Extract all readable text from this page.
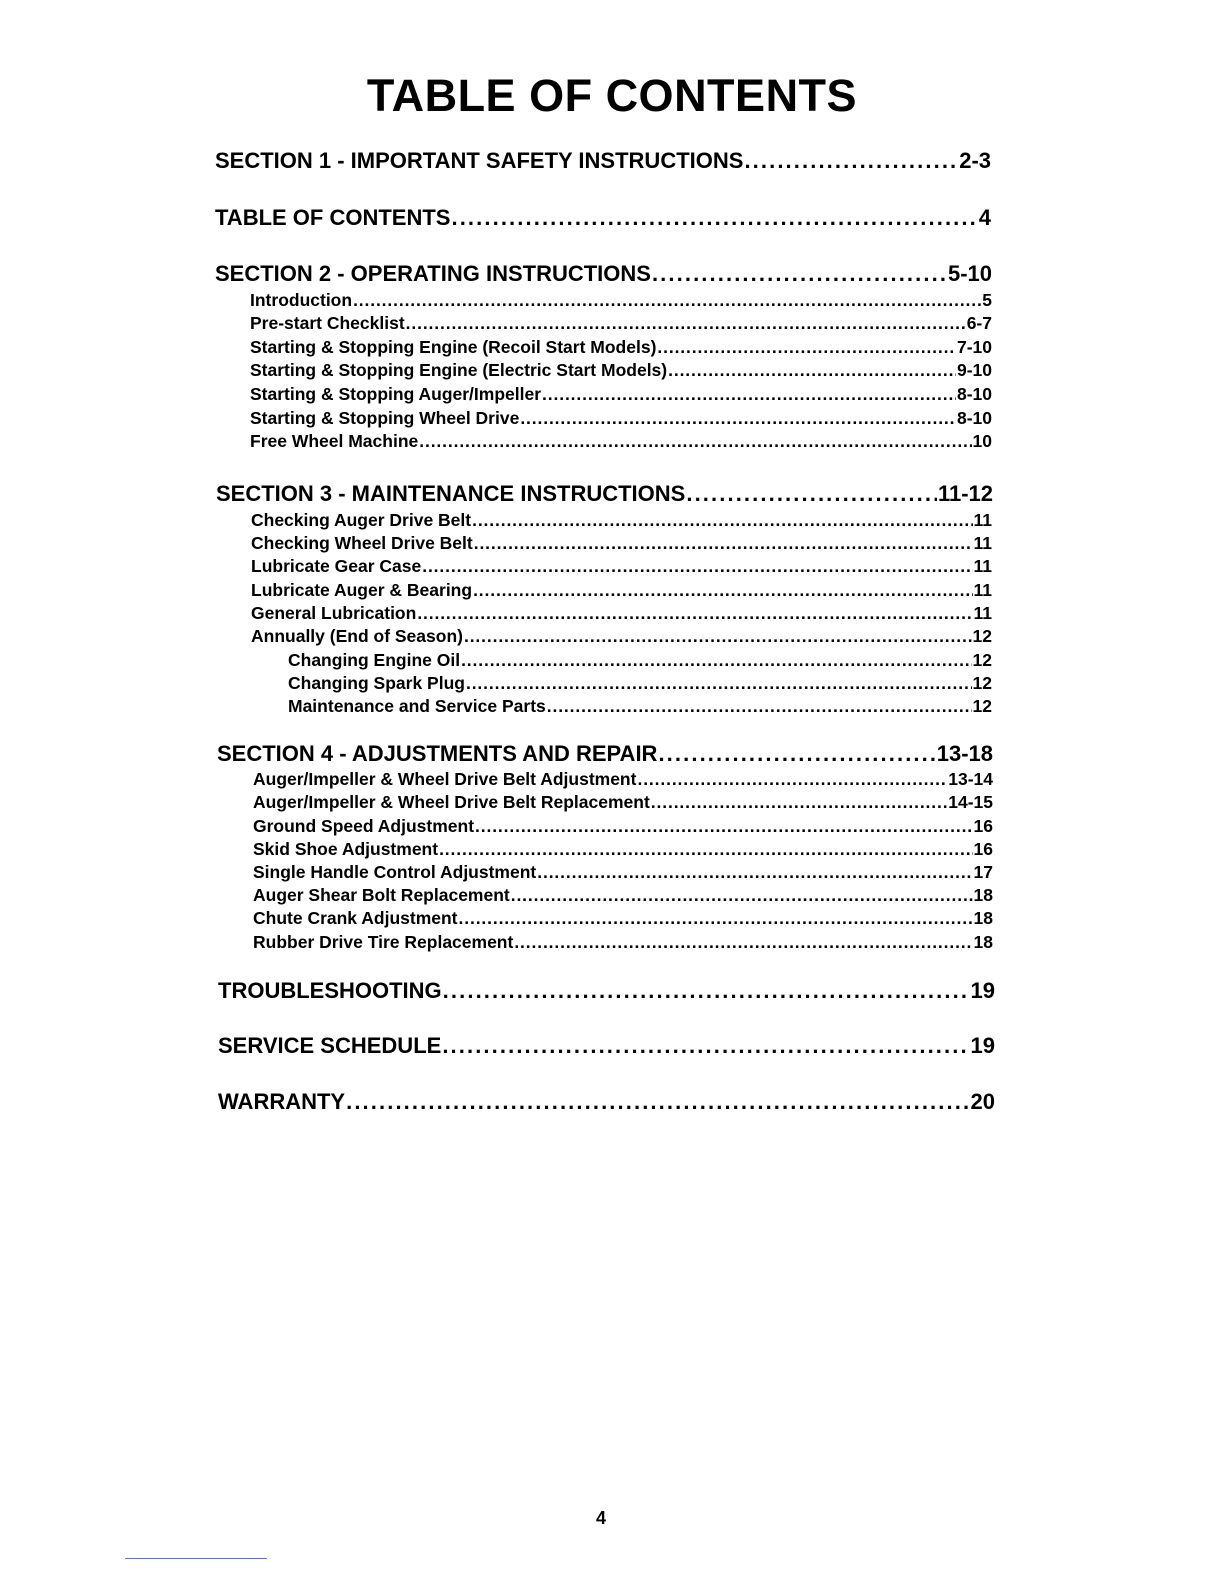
TABLE OF CONTENTS
SECTION 1 - IMPORTANT SAFETY INSTRUCTIONS . . .	2-3
TABLE OF CONTENTS . . .	4
SECTION 2 - OPERATING INSTRUCTIONS . . .	5-10
Introduction . . .	5
Pre-start Checklist . . .	6-7
Starting & Stopping Engine (Recoil Start Models) . . .	7-10
Starting & Stopping Engine (Electric Start Models) . . .	9-10
Starting & Stopping Auger/Impeller . . .	8-10
Starting & Stopping Wheel Drive . . .	8-10
Free Wheel Machine . . .	10
SECTION 3 - MAINTENANCE INSTRUCTIONS . . .	11-12
Checking Auger Drive Belt . . .	11
Checking Wheel Drive Belt . . .	11
Lubricate Gear Case . . .	11
Lubricate Auger & Bearing . . .	11
General Lubrication . . .	11
Annually (End of Season) . . .	12
Changing Engine Oil . . .	12
Changing Spark Plug . . .	12
Maintenance and Service Parts . . .	12
SECTION 4 - ADJUSTMENTS AND REPAIR . . .	13-18
Auger/Impeller & Wheel Drive Belt Adjustment . . .	13-14
Auger/Impeller & Wheel Drive Belt Replacement . . .	14-15
Ground Speed Adjustment . . .	16
Skid Shoe Adjustment . . .	16
Single Handle Control Adjustment . . .	17
Auger Shear Bolt Replacement . . .	18
Chute Crank Adjustment . . .	18
Rubber Drive Tire Replacement . . .	18
TROUBLESHOOTING . . .	19
SERVICE SCHEDULE . . .	19
WARRANTY . . .	20
4
